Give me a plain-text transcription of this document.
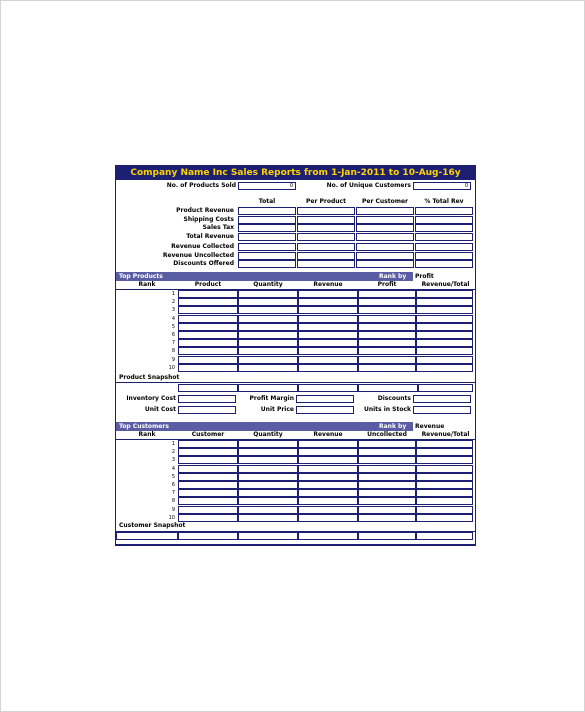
Company Name Inc Sales Reports from 1-Jan-2011 to 10-Aug-16y
No. of Products Sold	0	No. of Unique Customers	0
Total	Per Product	Per Customer	% Total Rev
Product Revenue
Shipping Costs
Sales Tax
Total Revenue
Revenue Collected
Revenue Uncollected
Discounts Offered
Top Products	Rank by	Profit
Rank	Product	Quantity	Revenue	Profit	Revenue/Total
1
2
3
4
5
6
7
8
9
10
Product Snapshot
Inventory Cost	Profit Margin	Discounts
Unit Cost	Unit Price	Units in Stock
Top Customers	Rank by	Revenue
Rank	Customer	Quantity	Revenue	Uncollected	Revenue/Total
1
2
3
4
5
6
7
8
9
10
Customer Snapshot
